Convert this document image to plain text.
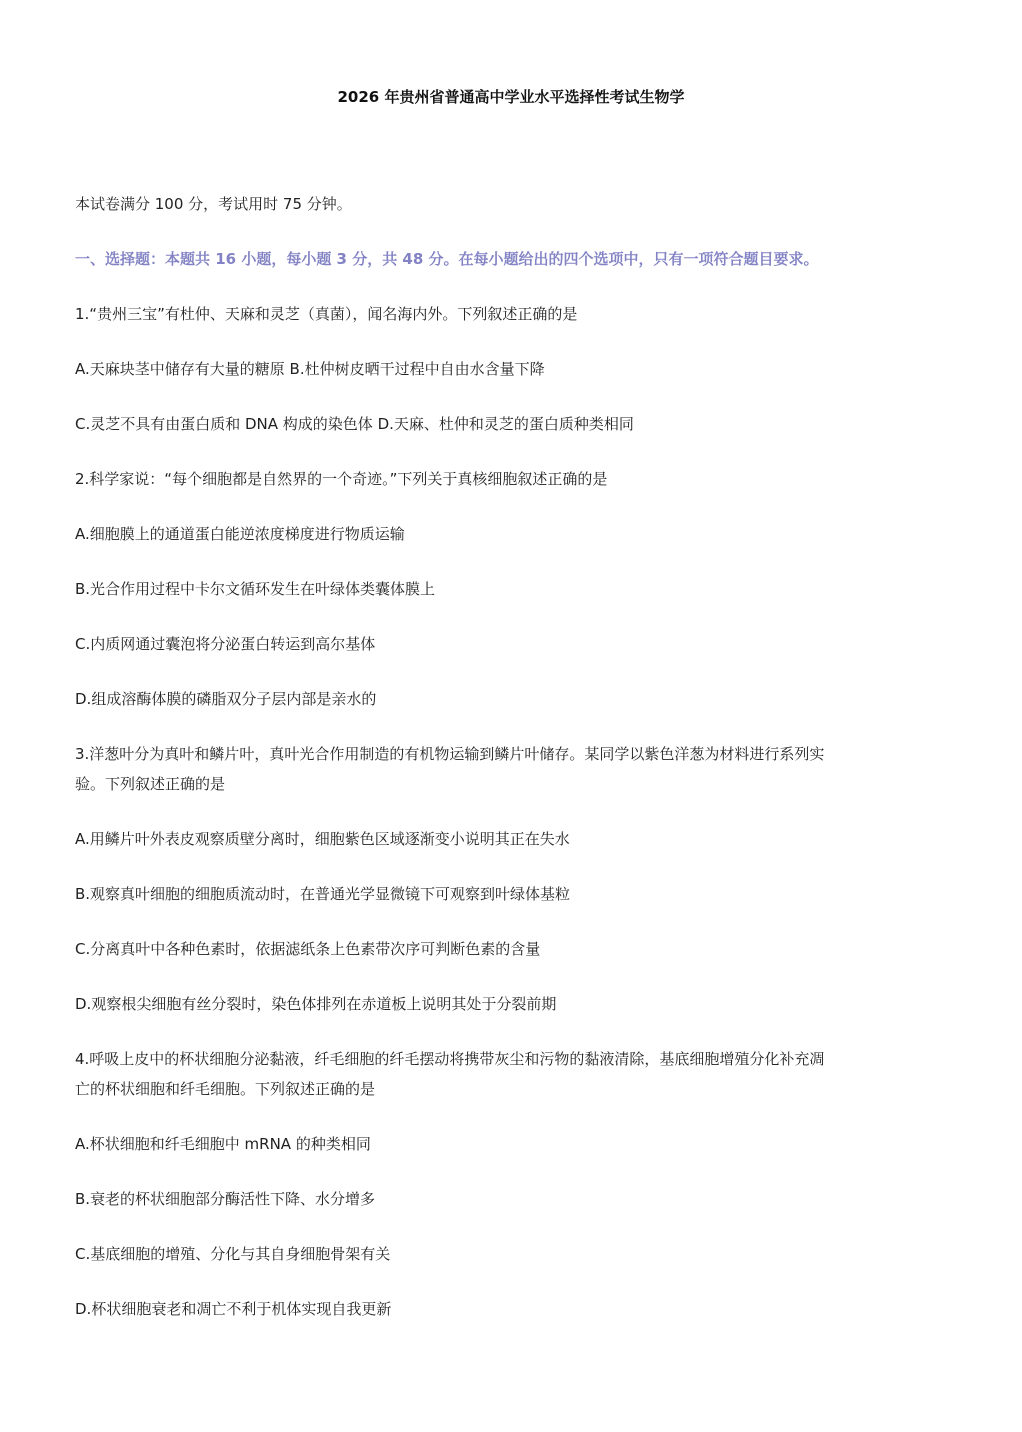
2026 年贵州省普通高中学业水平选择性考试生物学
本试卷满分 100 分，考试用时 75 分钟。
一、选择题：本题共 16 小题，每小题 3 分，共 48 分。在每小题给出的四个选项中，只有一项符合题目要求。
1.“贵州三宝”有杜仲、天麻和灵芝（真菌），闻名海内外。下列叙述正确的是
A.天麻块茎中储存有大量的糖原 B.杜仲树皮晒干过程中自由水含量下降
C.灵芝不具有由蛋白质和 DNA 构成的染色体 D.天麻、杜仲和灵芝的蛋白质种类相同
2.科学家说：“每个细胞都是自然界的一个奇迹。”下列关于真核细胞叙述正确的是
A.细胞膜上的通道蛋白能逆浓度梯度进行物质运输
B.光合作用过程中卡尔文循环发生在叶绿体类囊体膜上
C.内质网通过囊泡将分泌蛋白转运到高尔基体
D.组成溶酶体膜的磷脂双分子层内部是亲水的
3.洋葱叶分为真叶和鳞片叶，真叶光合作用制造的有机物运输到鳞片叶储存。某同学以紫色洋葱为材料进行系列实
验。下列叙述正确的是
A.用鳞片叶外表皮观察质壁分离时，细胞紫色区域逐渐变小说明其正在失水
B.观察真叶细胞的细胞质流动时，在普通光学显微镜下可观察到叶绿体基粒
C.分离真叶中各种色素时，依据滤纸条上色素带次序可判断色素的含量
D.观察根尖细胞有丝分裂时，染色体排列在赤道板上说明其处于分裂前期
4.呼吸上皮中的杯状细胞分泌黏液，纤毛细胞的纤毛摆动将携带灰尘和污物的黏液清除，基底细胞增殖分化补充凋
亡的杯状细胞和纤毛细胞。下列叙述正确的是
A.杯状细胞和纤毛细胞中 mRNA 的种类相同
B.衰老的杯状细胞部分酶活性下降、水分增多
C.基底细胞的增殖、分化与其自身细胞骨架有关
D.杯状细胞衰老和凋亡不利于机体实现自我更新
